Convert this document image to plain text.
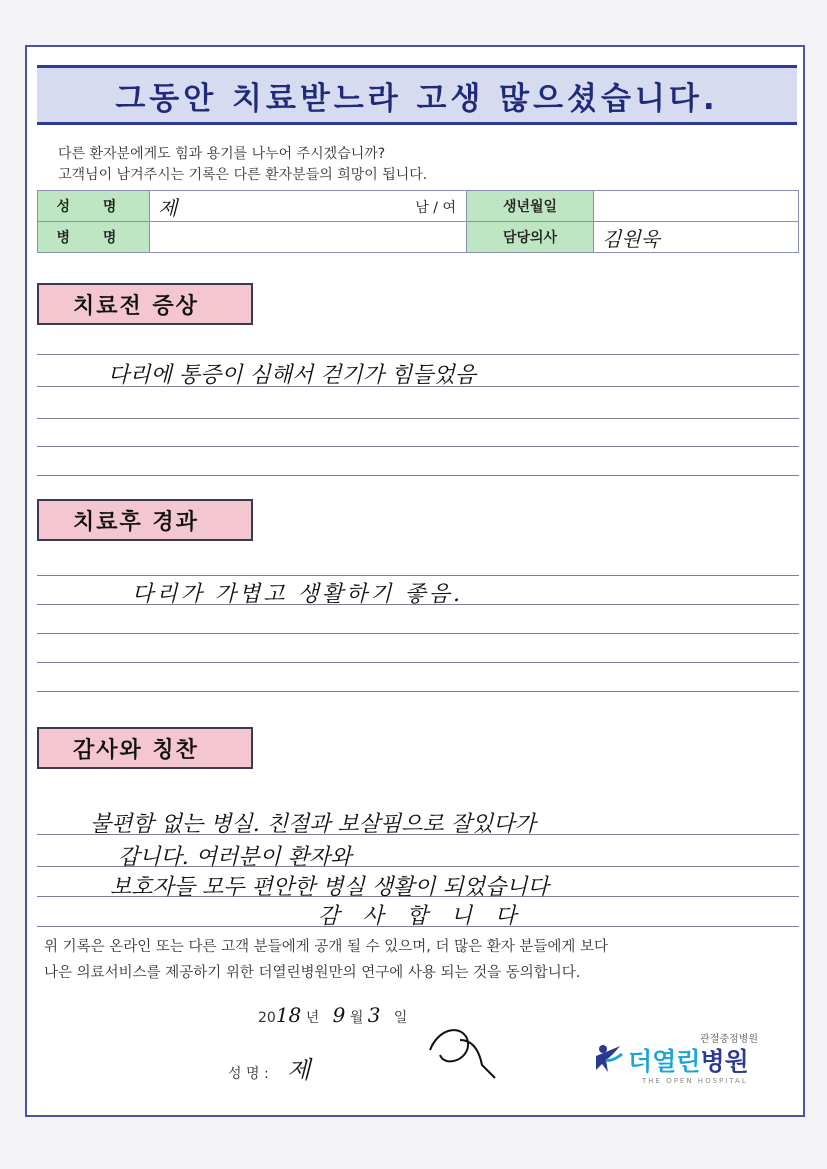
그동안 치료받느라 고생 많으셨습니다.
다른 환자분에게도 힘과 용기를 나누어 주시겠습니까?
고객님이 남겨주시는 기록은 다른 환자분들의 희망이 됩니다.
성 명	제 남 / 여	생년월일	
병 명		담당의사	김원욱
치료전 증상
다리에 통증이 심해서 걷기가 힘들었음
치료후 경과
다리가 가볍고 생활하기 좋음.
감사와 칭찬
불편함 없는 병실. 친절과 보살핌으로 잘있다가
갑니다. 여러분이 환자와
보호자들 모두 편안한 병실 생활이 되었습니다
감 사 합 니 다
위 기록은 온라인 또는 다른 고객 분들에게 공개 될 수 있으며, 더 많은 환자 분들에게 보다
나은 의료서비스를 제공하기 위한 더열린병원만의 연구에 사용 되는 것을 동의합니다.
2018 년 9 월 3 일
성 명 : 제
관절중점병원
더열린병원
THE OPEN HOSPITAL
